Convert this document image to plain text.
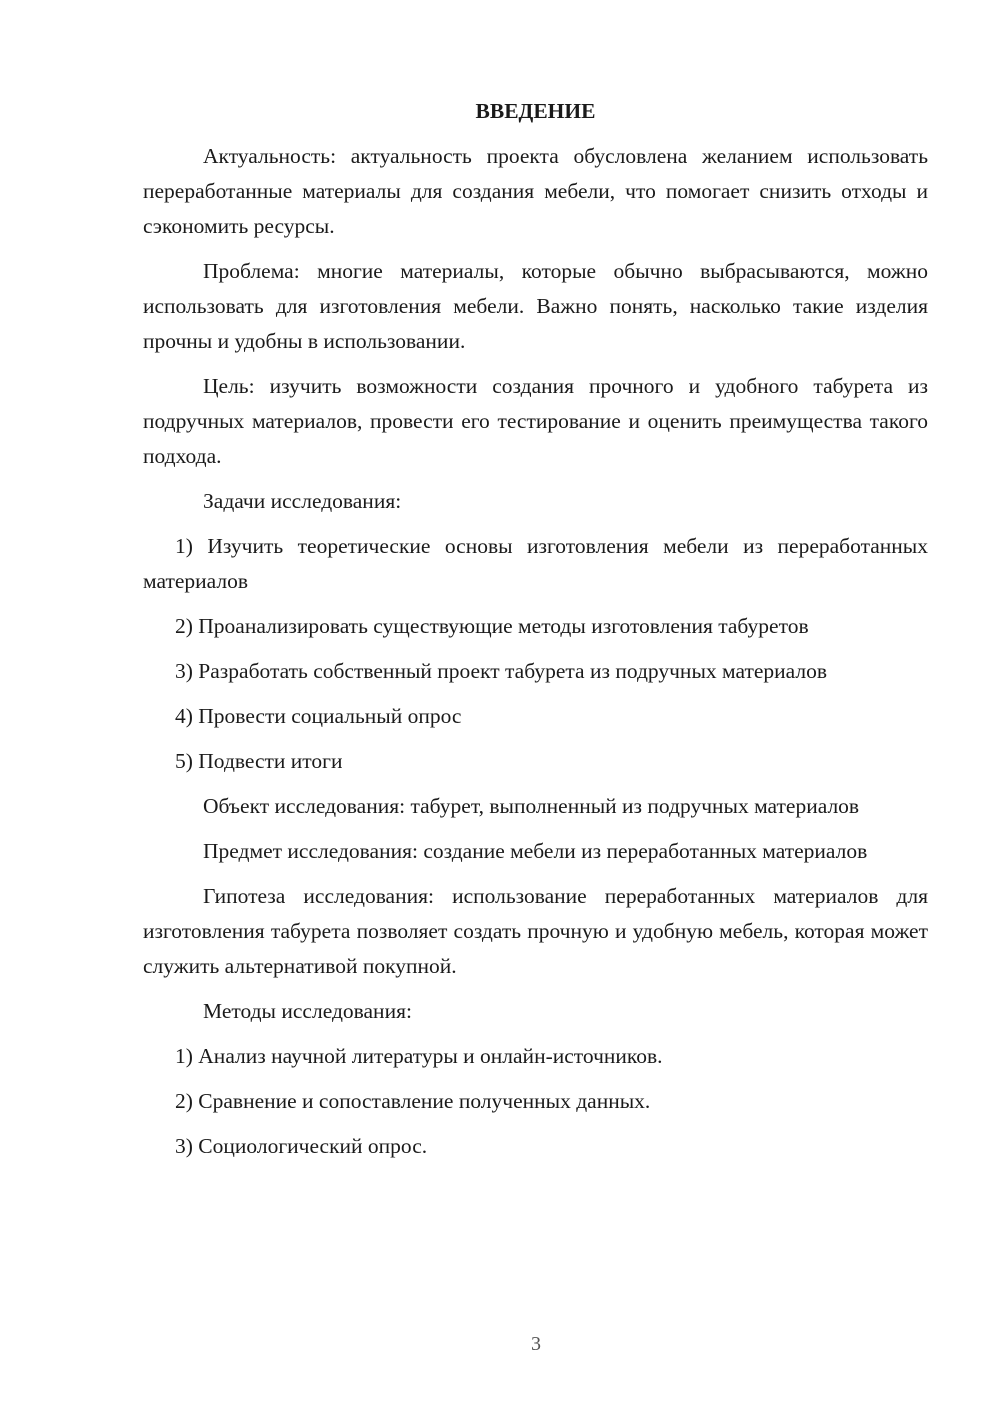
ВВЕДЕНИЕ

Актуальность: актуальность проекта обусловлена желанием использовать переработанные материалы для создания мебели, что помогает снизить отходы и сэкономить ресурсы.

Проблема: многие материалы, которые обычно выбрасываются, можно использовать для изготовления мебели. Важно понять, насколько такие изделия прочны и удобны в использовании.

Цель: изучить возможности создания прочного и удобного табурета из подручных материалов, провести его тестирование и оценить преимущества такого подхода.

Задачи исследования:

1) Изучить теоретические основы изготовления мебели из переработанных материалов

2) Проанализировать существующие методы изготовления табуретов

3) Разработать собственный проект табурета из подручных материалов

4) Провести социальный опрос

5) Подвести итоги

Объект исследования: табурет, выполненный из подручных материалов

Предмет исследования: создание мебели из переработанных материалов

Гипотеза исследования: использование переработанных материалов для изготовления табурета позволяет создать прочную и удобную мебель, которая может служить альтернативой покупной.

Методы исследования:

1) Анализ научной литературы и онлайн-источников.

2) Сравнение и сопоставление полученных данных.

3) Социологический опрос.

3
